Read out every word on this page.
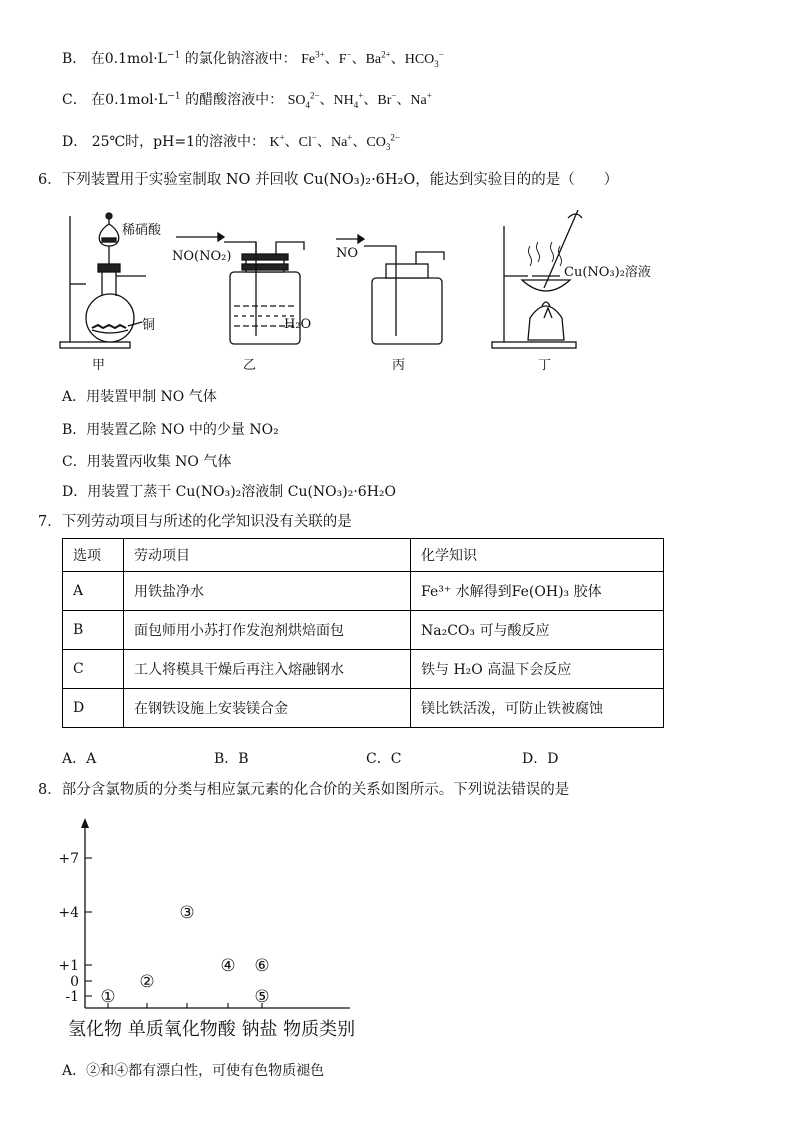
B． 在$0.1mol\cdot L^{-1}$ 的氯化钠溶液中： $Fe^{3+}$、F−、$Ba^{2+}$、$HCO_3^-$
C． 在$0.1mol\cdot L^{-1}$ 的醋酸溶液中： $SO_4^{2-}$、$NH_4^+$、Br−、Na+
D． 25℃时，pH=1的溶液中： K+、Cl−、Na+、$CO_3^{2-}$
6．下列装置用于实验室制取 NO 并回收 Cu(NO₃)₂·6H₂O，能达到实验目的的是（　　）
稀硝酸
铜
甲
NO(NO₂)
H₂O
乙
NO
丙
Cu(NO₃)₂溶液
丁
A．用装置甲制 NO 气体
B．用装置乙除 NO 中的少量 NO₂
C．用装置丙收集 NO 气体
D．用装置丁蒸干 Cu(NO₃)₂溶液制 Cu(NO₃)₂·6H₂O
7．下列劳动项目与所述的化学知识没有关联的是
选项	劳动项目	化学知识
A	用铁盐净水	Fe³⁺ 水解得到Fe(OH)₃ 胶体
B	面包师用小苏打作发泡剂烘焙面包	Na₂CO₃ 可与酸反应
C	工人将模具干燥后再注入熔融钢水	铁与 H₂O 高温下会反应
D	在钢铁设施上安装镁合金	镁比铁活泼，可防止铁被腐蚀
A．A	B．B	C．C	D．D
8．部分含氯物质的分类与相应氯元素的化合价的关系如图所示。下列说法错误的是
+7
+4
+1
0
-1
氢化物 单质氧化物酸 钠盐 物质类别
①
②
③
④
⑤
⑥
A．②和④都有漂白性，可使有色物质褪色
